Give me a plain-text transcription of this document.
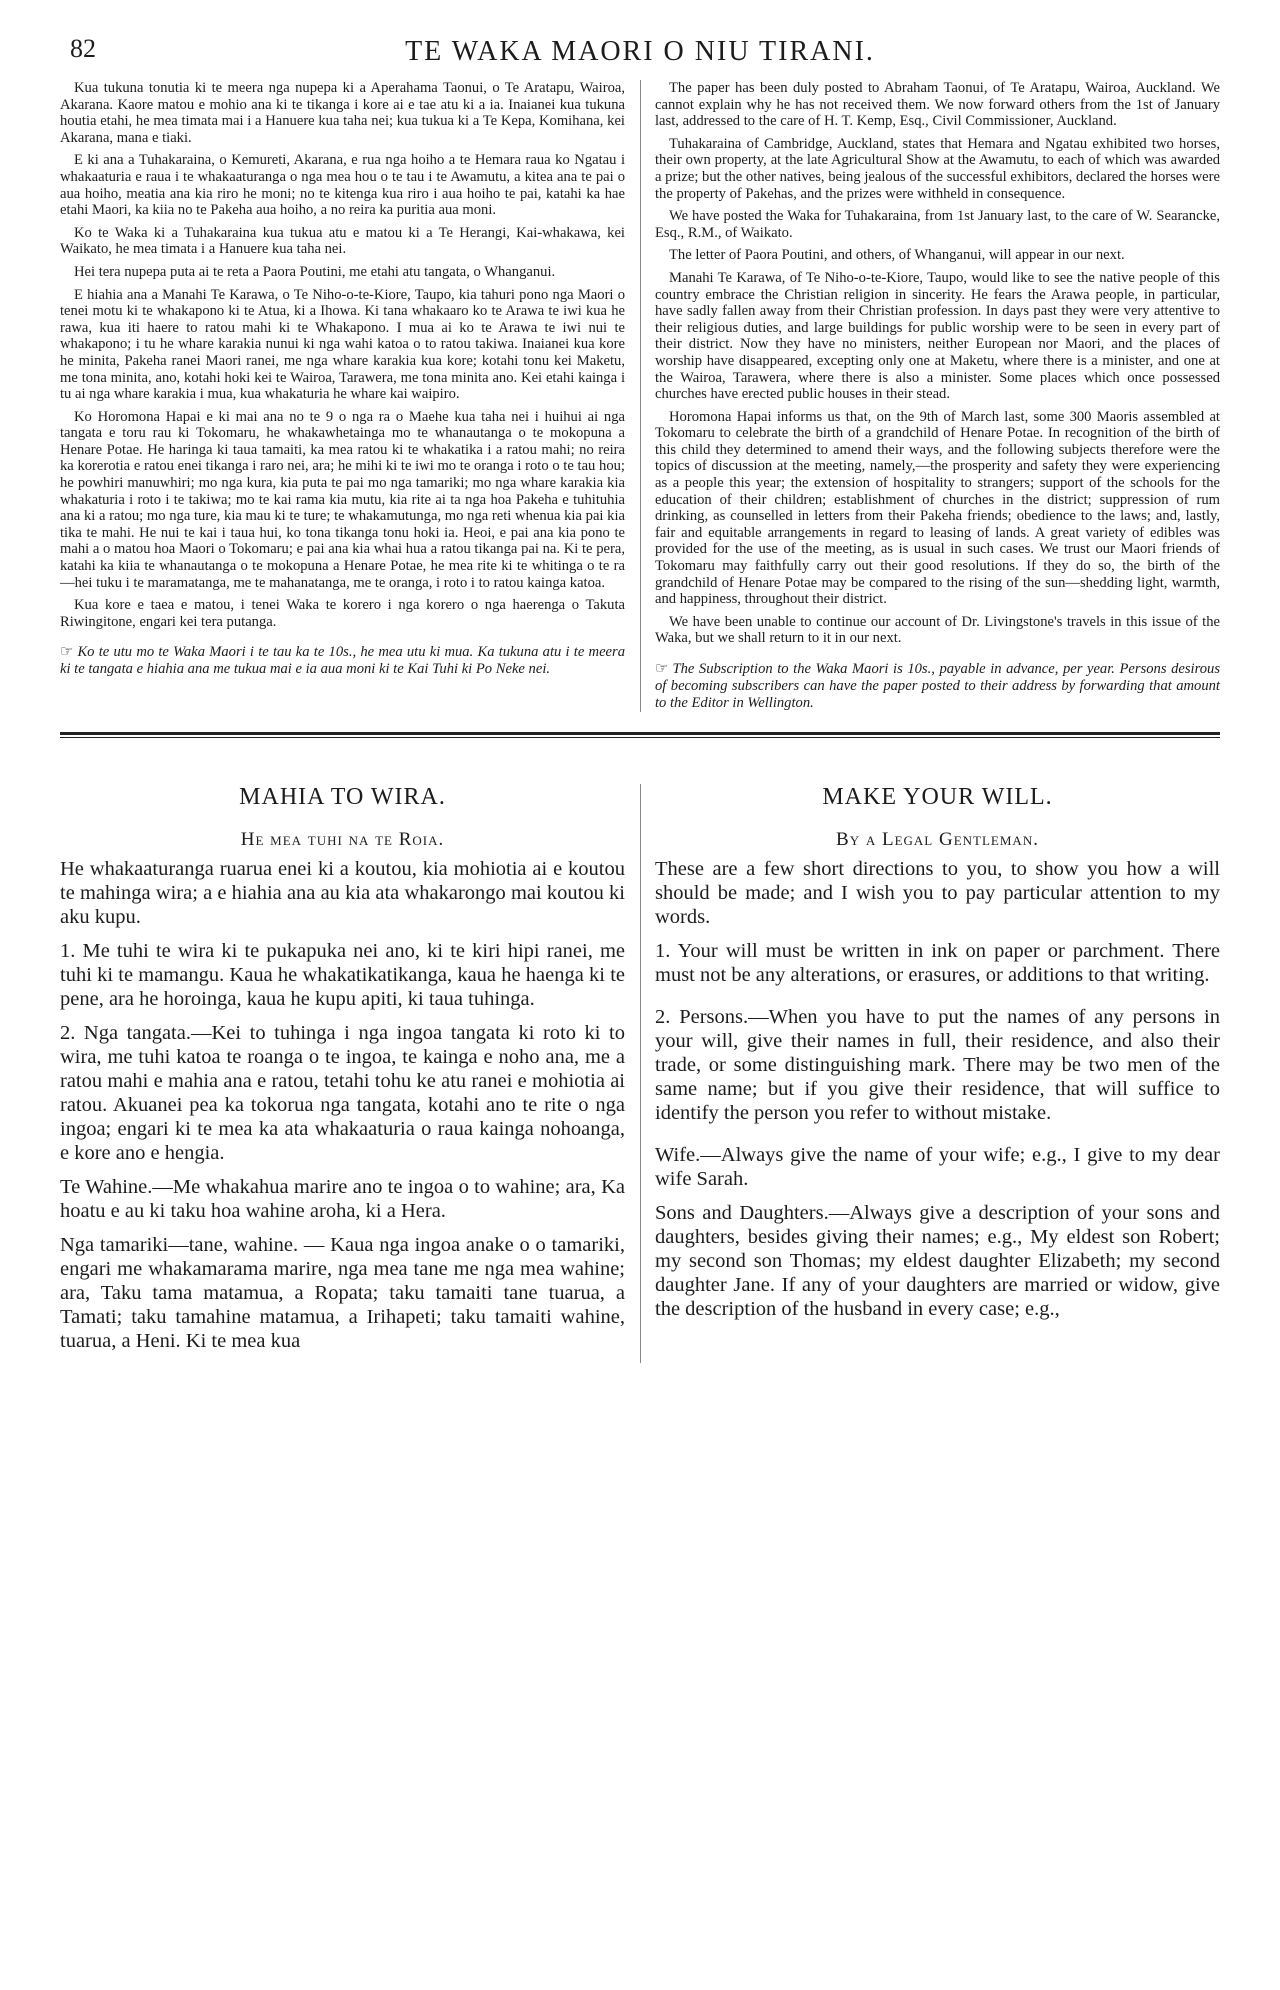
82	TE WAKA MAORI O NIU TIRANI.

Kua tukuna tonutia ki te meera nga nupepa ki a Aperahama Taonui, o Te Aratapu, Wairoa, Akarana. Kaore matou e mohio ana ki te tikanga i kore ai e tae atu ki a ia. Inaianei kua tukuna houtia etahi, he mea timata mai i a Hanuere kua taha nei; kua tukua ki a Te Kepa, Komihana, kei Akarana, mana e tiaki.

E ki ana a Tuhakaraina, o Kemureti, Akarana, e rua nga hoiho a te Hemara raua ko Ngatau i whakaaturia e raua i te whakaaturanga o nga mea hou o te tau i te Awamutu, a kitea ana te pai o aua hoiho, meatia ana kia riro he moni; no te kitenga kua riro i aua hoiho te pai, katahi ka hae etahi Maori, ka kiia no te Pakeha aua hoiho, a no reira ka puritia aua moni.

Ko te Waka ki a Tuhakaraina kua tukua atu e matou ki a Te Herangi, Kai-whakawa, kei Waikato, he mea timata i a Hanuere kua taha nei.

Hei tera nupepa puta ai te reta a Paora Poutini, me etahi atu tangata, o Whanganui.

E hiahia ana a Manahi Te Karawa, o Te Niho-o-te-Kiore, Taupo, kia tahuri pono nga Maori o tenei motu ki te whakapono ki te Atua, ki a Ihowa. Ki tana whakaaro ko te Arawa te iwi kua he rawa, kua iti haere to ratou mahi ki te Whakapono. I mua ai ko te Arawa te iwi nui te whakapono; i tu he whare karakia nunui ki nga wahi katoa o to ratou takiwa. Inaianei kua kore he minita, Pakeha ranei Maori ranei, me nga whare karakia kua kore; kotahi tonu kei Maketu, me tona minita, ano, kotahi hoki kei te Wairoa, Tarawera, me tona minita ano. Kei etahi kainga i tu ai nga whare karakia i mua, kua whakaturia he whare kai waipiro.

Ko Horomona Hapai e ki mai ana no te 9 o nga ra o Maehe kua taha nei i huihui ai nga tangata e toru rau ki Tokomaru, he whakawhetainga mo te whanautanga o te mokopuna a Henare Potae. He haringa ki taua tamaiti, ka mea ratou ki te whakatika i a ratou mahi; no reira ka korerotia e ratou enei tikanga i raro nei, ara; he mihi ki te iwi mo te oranga i roto o te tau hou; he powhiri manuwhiri; mo nga kura, kia puta te pai mo nga tamariki; mo nga whare karakia kia whakaturia i roto i te takiwa; mo te kai rama kia mutu, kia rite ai ta nga hoa Pakeha e tuhituhia ana ki a ratou; mo nga ture, kia mau ki te ture; te whakamutunga, mo nga reti whenua kia pai kia tika te mahi. He nui te kai i taua hui, ko tona tikanga tonu hoki ia. Heoi, e pai ana kia pono te mahi a o matou hoa Maori o Tokomaru; e pai ana kia whai hua a ratou tikanga pai na. Ki te pera, katahi ka kiia te whanautanga o te mokopuna a Henare Potae, he mea rite ki te whitinga o te ra—hei tuku i te maramatanga, me te mahanatanga, me te oranga, i roto i to ratou kainga katoa.

Kua kore e taea e matou, i tenei Waka te korero i nga korero o nga haerenga o Takuta Riwingitone, engari kei tera putanga.

☞ Ko te utu mo te Waka Maori i te tau ka te 10s., he mea utu ki mua. Ka tukuna atu i te meera ki te tangata e hiahia ana me tukua mai e ia aua moni ki te Kai Tuhi ki Po Neke nei.

The paper has been duly posted to Abraham Taonui, of Te Aratapu, Wairoa, Auckland. We cannot explain why he has not received them. We now forward others from the 1st of January last, addressed to the care of H. T. Kemp, Esq., Civil Commissioner, Auckland.

Tuhakaraina of Cambridge, Auckland, states that Hemara and Ngatau exhibited two horses, their own property, at the late Agricultural Show at the Awamutu, to each of which was awarded a prize; but the other natives, being jealous of the successful exhibitors, declared the horses were the property of Pakehas, and the prizes were withheld in consequence.

We have posted the Waka for Tuhakaraina, from 1st January last, to the care of W. Searancke, Esq., R.M., of Waikato.

The letter of Paora Poutini, and others, of Whanganui, will appear in our next.

Manahi Te Karawa, of Te Niho-o-te-Kiore, Taupo, would like to see the native people of this country embrace the Christian religion in sincerity. He fears the Arawa people, in particular, have sadly fallen away from their Christian profession. In days past they were very attentive to their religious duties, and large buildings for public worship were to be seen in every part of their district. Now they have no ministers, neither European nor Maori, and the places of worship have disappeared, excepting only one at Maketu, where there is a minister, and one at the Wairoa, Tarawera, where there is also a minister. Some places which once possessed churches have erected public houses in their stead.

Horomona Hapai informs us that, on the 9th of March last, some 300 Maoris assembled at Tokomaru to celebrate the birth of a grandchild of Henare Potae. In recognition of the birth of this child they determined to amend their ways, and the following subjects therefore were the topics of discussion at the meeting, namely,—the prosperity and safety they were experiencing as a people this year; the extension of hospitality to strangers; support of the schools for the education of their children; establishment of churches in the district; suppression of rum drinking, as counselled in letters from their Pakeha friends; obedience to the laws; and, lastly, fair and equitable arrangements in regard to leasing of lands. A great variety of edibles was provided for the use of the meeting, as is usual in such cases. We trust our Maori friends of Tokomaru may faithfully carry out their good resolutions. If they do so, the birth of the grandchild of Henare Potae may be compared to the rising of the sun—shedding light, warmth, and happiness, throughout their district.

We have been unable to continue our account of Dr. Livingstone's travels in this issue of the Waka, but we shall return to it in our next.

☞ The Subscription to the Waka Maori is 10s., payable in advance, per year. Persons desirous of becoming subscribers can have the paper posted to their address by forwarding that amount to the Editor in Wellington.
MAHIA TO WIRA.
He mea tuhi na te Roia.

He whakaaturanga ruarua enei ki a koutou, kia mohiotia ai e koutou te mahinga wira; a e hiahia ana au kia ata whakarongo mai koutou ki aku kupu.

1. Me tuhi te wira ki te pukapuka nei ano, ki te kiri hipi ranei, me tuhi ki te mamangu. Kaua he whakatikatikanga, kaua he haenga ki te pene, ara he horoinga, kaua he kupu apiti, ki taua tuhinga.

2. Nga tangata.—Kei to tuhinga i nga ingoa tangata ki roto ki to wira, me tuhi katoa te roanga o te ingoa, te kainga e noho ana, me a ratou mahi e mahia ana e ratou, tetahi tohu ke atu ranei e mohiotia ai ratou. Akuanei pea ka tokorua nga tangata, kotahi ano te rite o nga ingoa; engari ki te mea ka ata whakaaturia o raua kainga nohoanga, e kore ano e hengia.

Te Wahine.—Me whakahua marire ano te ingoa o to wahine; ara, Ka hoatu e au ki taku hoa wahine aroha, ki a Hera.

Nga tamariki—tane, wahine. — Kaua nga ingoa anake o o tamariki, engari me whakamarama marire, nga mea tane me nga mea wahine; ara, Taku tama matamua, a Ropata; taku tamaiti tane tuarua, a Tamati; taku tamahine matamua, a Irihapeti; taku tamaiti wahine, tuarua, a Heni. Ki te mea kua

MAKE YOUR WILL.
By a Legal Gentleman.

These are a few short directions to you, to show you how a will should be made; and I wish you to pay particular attention to my words.

1. Your will must be written in ink on paper or parchment. There must not be any alterations, or erasures, or additions to that writing.

2. Persons.—When you have to put the names of any persons in your will, give their names in full, their residence, and also their trade, or some distinguishing mark. There may be two men of the same name; but if you give their residence, that will suffice to identify the person you refer to without mistake.

Wife.—Always give the name of your wife; e.g., I give to my dear wife Sarah.

Sons and Daughters.—Always give a description of your sons and daughters, besides giving their names; e.g., My eldest son Robert; my second son Thomas; my eldest daughter Elizabeth; my second daughter Jane. If any of your daughters are married or widow, give the description of the husband in every case; e.g.,
